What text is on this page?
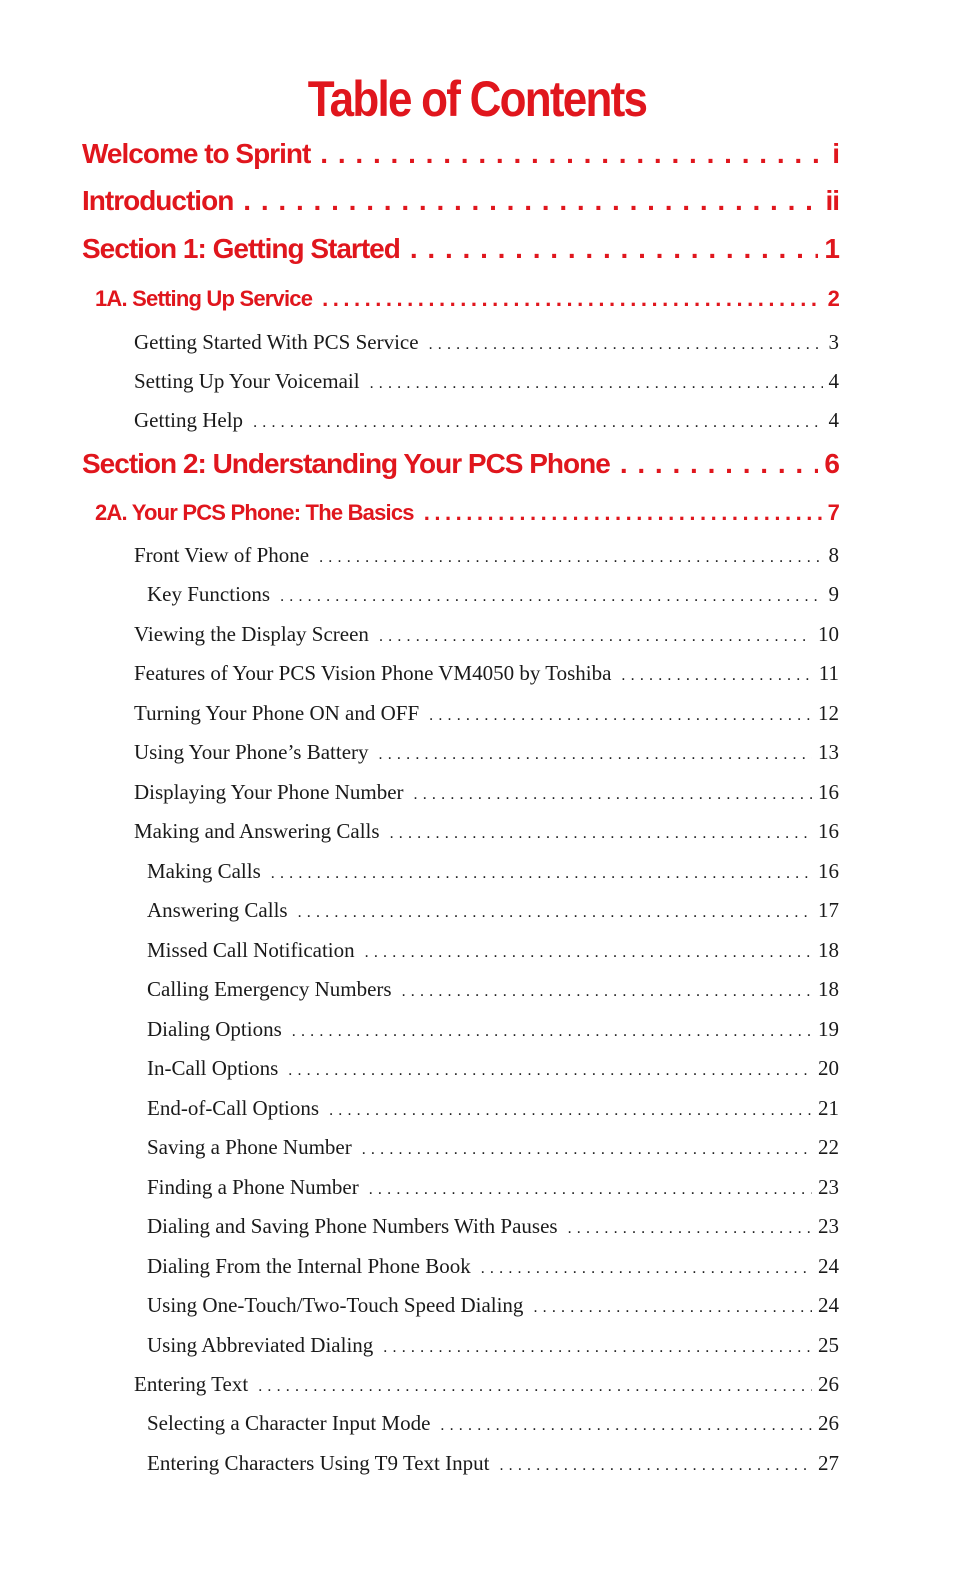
Table of Contents
Welcome to Sprint . . .	i
Introduction . . .	ii
Section 1: Getting Started . . .	1
1A. Setting Up Service . . .	2
Getting Started With PCS Service . . .	3
Setting Up Your Voicemail . . .	4
Getting Help . . .	4
Section 2: Understanding Your PCS Phone . . .	6
2A. Your PCS Phone: The Basics . . .	7
Front View of Phone . . .	8
Key Functions . . .	9
Viewing the Display Screen . . .	10
Features of Your PCS Vision Phone VM4050 by Toshiba . . .	11
Turning Your Phone ON and OFF . . .	12
Using Your Phone’s Battery . . .	13
Displaying Your Phone Number . . .	16
Making and Answering Calls . . .	16
Making Calls . . .	16
Answering Calls . . .	17
Missed Call Notification . . .	18
Calling Emergency Numbers . . .	18
Dialing Options . . .	19
In-Call Options . . .	20
End-of-Call Options . . .	21
Saving a Phone Number . . .	22
Finding a Phone Number . . .	23
Dialing and Saving Phone Numbers With Pauses . . .	23
Dialing From the Internal Phone Book . . .	24
Using One-Touch/Two-Touch Speed Dialing . . .	24
Using Abbreviated Dialing . . .	25
Entering Text . . .	26
Selecting a Character Input Mode . . .	26
Entering Characters Using T9 Text Input . . .	27
